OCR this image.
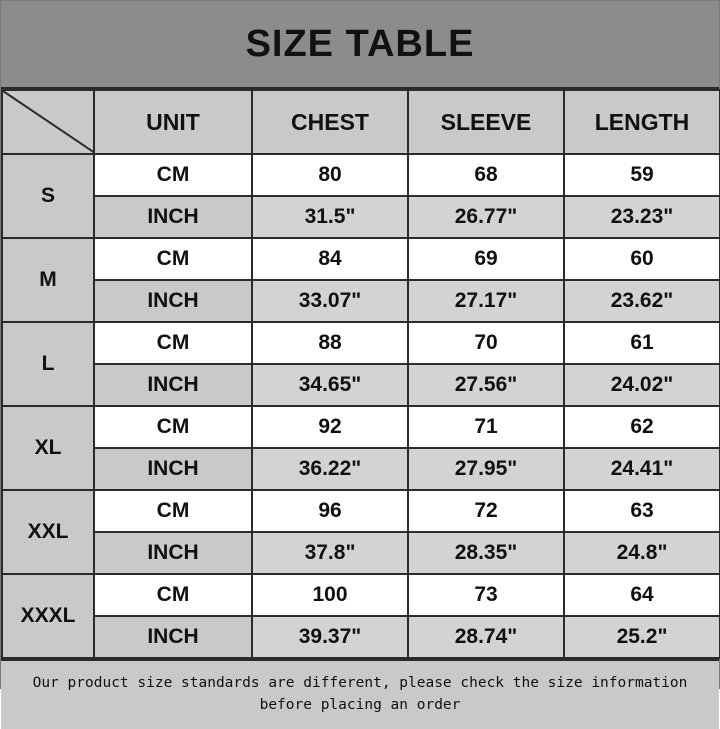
SIZE TABLE
	UNIT	CHEST	SLEEVE	LENGTH
S	CM	80	68	59
	INCH	31.5"	26.77"	23.23"
M	CM	84	69	60
	INCH	33.07"	27.17"	23.62"
L	CM	88	70	61
	INCH	34.65"	27.56"	24.02"
XL	CM	92	71	62
	INCH	36.22"	27.95"	24.41"
XXL	CM	96	72	63
	INCH	37.8"	28.35"	24.8"
XXXL	CM	100	73	64
	INCH	39.37"	28.74"	25.2"
Our product size standards are different, please check the size information
before placing an order
